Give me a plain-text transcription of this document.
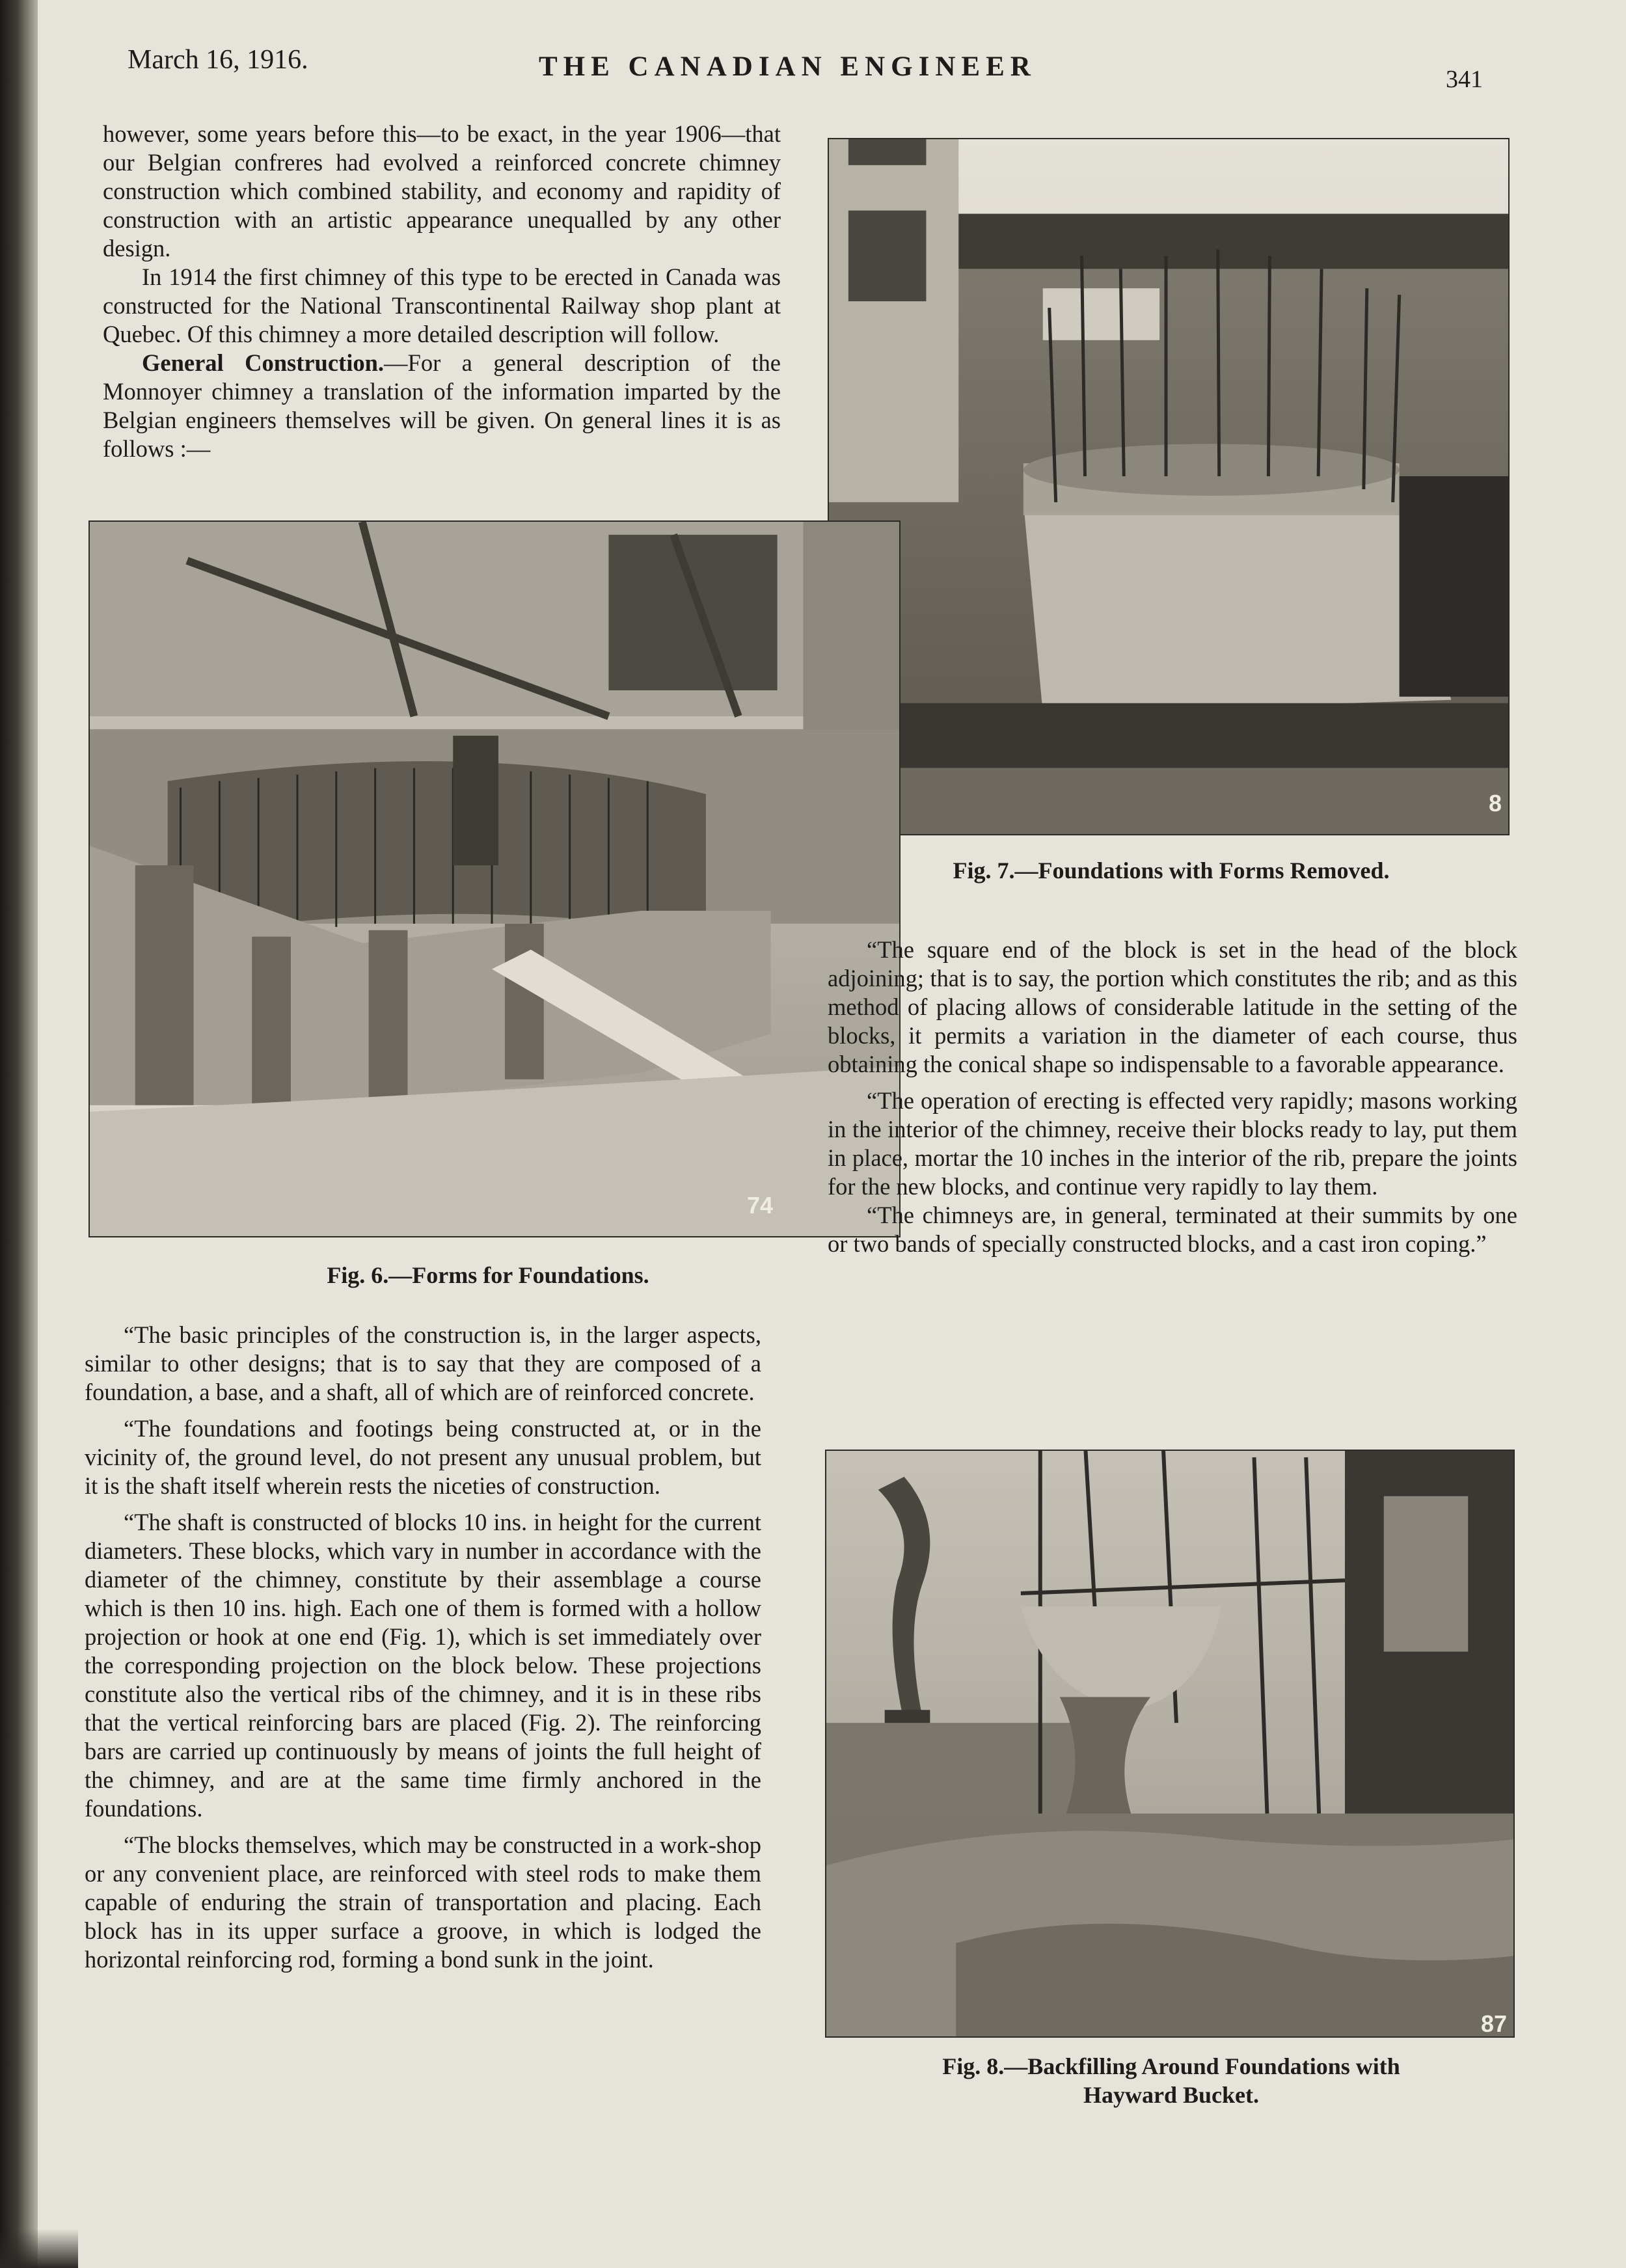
March 16, 1916.	THE CANADIAN ENGINEER	341

however, some years before this—to be exact, in the year 1906—that our Belgian confreres had evolved a reinforced concrete chimney construction which combined stability, and economy and rapidity of construction with an artistic appearance unequalled by any other design.

In 1914 the first chimney of this type to be erected in Canada was constructed for the National Transcontinental Railway shop plant at Quebec. Of this chimney a more detailed description will follow.

General Construction.—For a general description of the Monnoyer chimney a translation of the information imparted by the Belgian engineers themselves will be given. On general lines it is as follows :—

8
74
Fig. 7.—Foundations with Forms Removed.

“The square end of the block is set in the head of the block adjoining; that is to say, the portion which constitutes the rib; and as this method of placing allows of considerable latitude in the setting of the blocks, it permits a variation in the diameter of each course, thus obtaining the conical shape so indispensable to a favorable appearance.

“The operation of erecting is effected very rapidly; masons working in the interior of the chimney, receive their blocks ready to lay, put them in place, mortar the 10 inches in the interior of the rib, prepare the joints for the new blocks, and continue very rapidly to lay them.

“The chimneys are, in general, terminated at their summits by one or two bands of specially constructed blocks, and a cast iron coping.”

Fig. 6.—Forms for Foundations.

“The basic principles of the construction is, in the larger aspects, similar to other designs; that is to say that they are composed of a foundation, a base, and a shaft, all of which are of reinforced concrete.

“The foundations and footings being constructed at, or in the vicinity of, the ground level, do not present any unusual problem, but it is the shaft itself wherein rests the niceties of construction.

“The shaft is constructed of blocks 10 ins. in height for the current diameters. These blocks, which vary in number in accordance with the diameter of the chimney, constitute by their assemblage a course which is then 10 ins. high. Each one of them is formed with a hollow projection or hook at one end (Fig. 1), which is set immediately over the corresponding projection on the block below. These projections constitute also the vertical ribs of the chimney, and it is in these ribs that the vertical reinforcing bars are placed (Fig. 2). The reinforcing bars are carried up continuously by means of joints the full height of the chimney, and are at the same time firmly anchored in the foundations.

“The blocks themselves, which may be constructed in a work-shop or any convenient place, are reinforced with steel rods to make them capable of enduring the strain of transportation and placing. Each block has in its upper surface a groove, in which is lodged the horizontal reinforcing rod, forming a bond sunk in the joint.

87
Fig. 8.—Backfilling Around Foundations with
Hayward Bucket.
